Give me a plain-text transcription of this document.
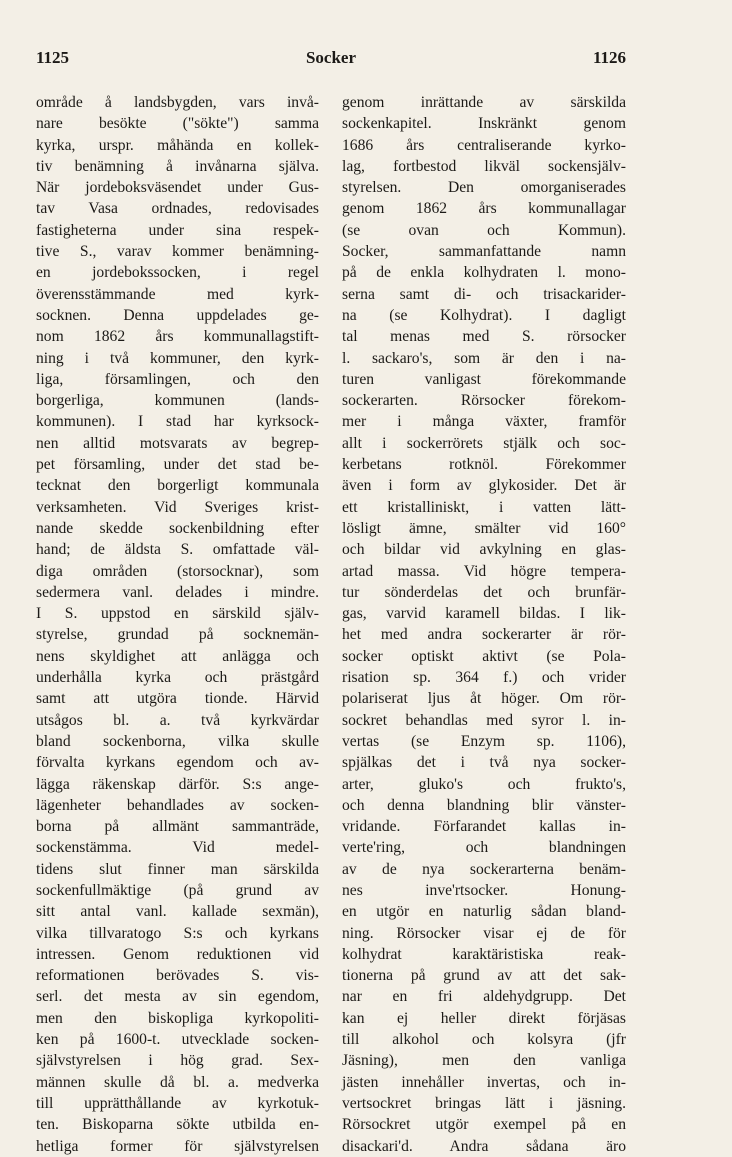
1125	Socker	1126
område å landsbygden, vars invå-
nare besökte ("sökte") samma
kyrka, urspr. måhända en kollek-
tiv benämning å invånarna själva.
När jordeboksväsendet under Gus-
tav Vasa ordnades, redovisades
fastigheterna under sina respek-
tive S., varav kommer benämning-
en jordebokssocken, i regel
överensstämmande med kyrk-
socknen. Denna uppdelades ge-
nom 1862 års kommunallagstift-
ning i två kommuner, den kyrk-
liga, församlingen, och den
borgerliga, kommunen (lands-
kommunen). I stad har kyrksock-
nen alltid motsvarats av begrep-
pet församling, under det stad be-
tecknat den borgerligt kommunala
verksamheten. Vid Sveriges krist-
nande skedde sockenbildning efter
hand; de äldsta S. omfattade väl-
diga områden (storsocknar), som
sedermera vanl. delades i mindre.
I S. uppstod en särskild själv-
styrelse, grundad på socknemän-
nens skyldighet att anlägga och
underhålla kyrka och prästgård
samt att utgöra tionde. Härvid
utsågos bl. a. två kyrkvärdar
bland sockenborna, vilka skulle
förvalta kyrkans egendom och av-
lägga räkenskap därför. S:s ange-
lägenheter behandlades av socken-
borna på allmänt sammanträde,
sockenstämma. Vid medel-
tidens slut finner man särskilda
sockenfullmäktige (på grund av
sitt antal vanl. kallade sexmän),
vilka tillvaratogo S:s och kyrkans
intressen. Genom reduktionen vid
reformationen berövades S. vis-
serl. det mesta av sin egendom,
men den biskopliga kyrkopoliti-
ken på 1600-t. utvecklade socken-
självstyrelsen i hög grad. Sex-
männen skulle då bl. a. medverka
till upprätthållande av kyrkotuk-
ten. Biskoparna sökte utbilda en-
hetliga former för självstyrelsen
genom inrättande av särskilda
sockenkapitel. Inskränkt genom
1686 års centraliserande kyrko-
lag, fortbestod likväl sockensjälv-
styrelsen. Den omorganiserades
genom 1862 års kommunallagar
(se ovan och Kommun).
Socker, sammanfattande namn
på de enkla kolhydraten l. mono-
serna samt di- och trisackarider-
na (se Kolhydrat). I dagligt
tal menas med S. rörsocker
l. sackaro's, som är den i na-
turen vanligast förekommande
sockerarten. Rörsocker förekom-
mer i många växter, framför
allt i sockerrörets stjälk och soc-
kerbetans rotknöl. Förekommer
även i form av glykosider. Det är
ett kristalliniskt, i vatten lätt-
lösligt ämne, smälter vid 160°
och bildar vid avkylning en glas-
artad massa. Vid högre tempera-
tur sönderdelas det och brunfär-
gas, varvid karamell bildas. I lik-
het med andra sockerarter är rör-
socker optiskt aktivt (se Pola-
risation sp. 364 f.) och vrider
polariserat ljus åt höger. Om rör-
sockret behandlas med syror l. in-
vertas (se Enzym sp. 1106),
spjälkas det i två nya socker-
arter, gluko's och frukto's,
och denna blandning blir vänster-
vridande. Förfarandet kallas in-
verte'ring, och blandningen
av de nya sockerarterna benäm-
nes inve'rtsocker. Honung-
en utgör en naturlig sådan bland-
ning. Rörsocker visar ej de för
kolhydrat karaktäristiska reak-
tionerna på grund av att det sak-
nar en fri aldehydgrupp. Det
kan ej heller direkt förjäsas
till alkohol och kolsyra (jfr
Jäsning), men den vanliga
jästen innehåller invertas, och in-
vertsockret bringas lätt i jäsning.
Rörsockret utgör exempel på en
disackari'd. Andra sådana äro
